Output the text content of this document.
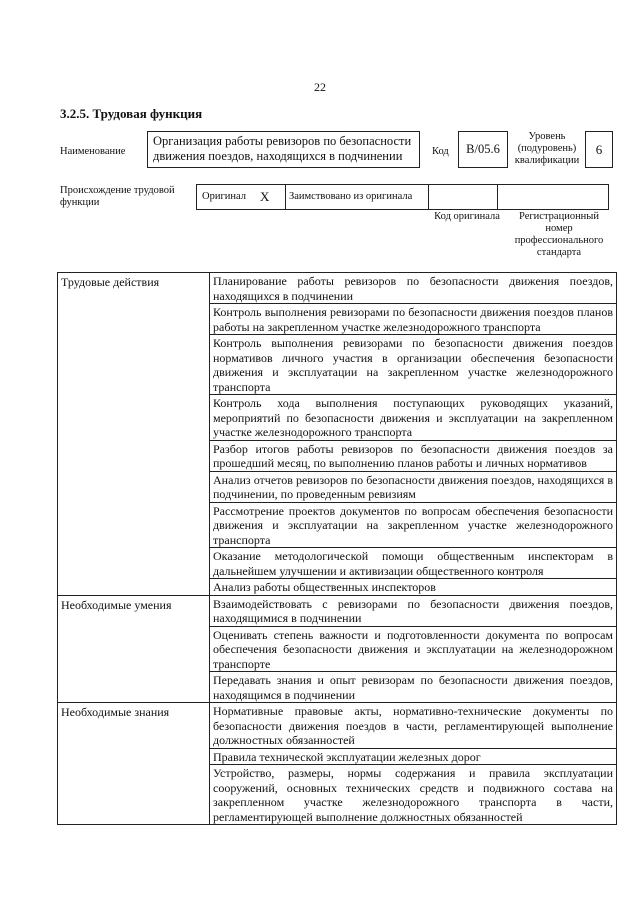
22
3.2.5. Трудовая функция
Наименование
Организация работы ревизоров по безопасности движения поездов, находящихся в подчинении	Код	B/05.6
Уровень (подуровень) квалификации
6
Происхождение трудовой функции
Оригинал Х	Заимствовано из оригинала
Код оригинала	Регистрационный номер профессионального стандарта
Трудовые действия	Планирование работы ревизоров по безопасности движения поездов, находящихся в подчинении
	Контроль выполнения ревизорами по безопасности движения поездов планов работы на закрепленном участке железнодорожного транспорта
	Контроль выполнения ревизорами по безопасности движения поездов нормативов личного участия в организации обеспечения безопасности движения и эксплуатации на закрепленном участке железнодорожного транспорта
	Контроль хода выполнения поступающих руководящих указаний, мероприятий по безопасности движения и эксплуатации на закрепленном участке железнодорожного транспорта
	Разбор итогов работы ревизоров по безопасности движения поездов за прошедший месяц, по выполнению планов работы и личных нормативов
	Анализ отчетов ревизоров по безопасности движения поездов, находящихся в подчинении, по проведенным ревизиям
	Рассмотрение проектов документов по вопросам обеспечения безопасности движения и эксплуатации на закрепленном участке железнодорожного транспорта
	Оказание методологической помощи общественным инспекторам в дальнейшем улучшении и активизации общественного контроля
	Анализ работы общественных инспекторов
Необходимые умения	Взаимодействовать с ревизорами по безопасности движения поездов, находящимися в подчинении
	Оценивать степень важности и подготовленности документа по вопросам обеспечения безопасности движения и эксплуатации на железнодорожном транспорте
	Передавать знания и опыт ревизорам по безопасности движения поездов, находящимся в подчинении
Необходимые знания	Нормативные правовые акты, нормативно-технические документы по безопасности движения поездов в части, регламентирующей выполнение должностных обязанностей
	Правила технической эксплуатации железных дорог
	Устройство, размеры, нормы содержания и правила эксплуатации сооружений, основных технических средств и подвижного состава на закрепленном участке железнодорожного транспорта в части, регламентирующей выполнение должностных обязанностей
